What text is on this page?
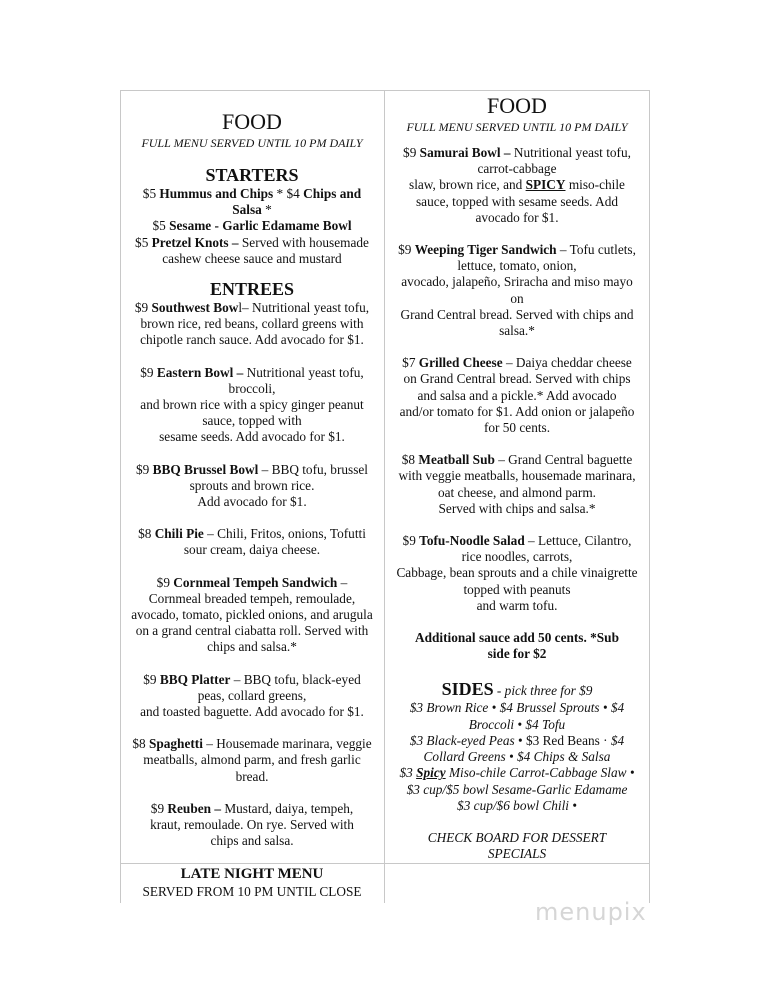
FOOD
FULL MENU SERVED UNTIL 10 PM DAILY
STARTERS
$5 Hummus and Chips * $4 Chips and
Salsa *
$5 Sesame - Garlic Edamame Bowl
$5 Pretzel Knots – Served with housemade
cashew cheese sauce and mustard
ENTREES
$9 Southwest Bowl– Nutritional yeast tofu,
brown rice, red beans, collard greens with
chipotle ranch sauce. Add avocado for $1.
$9 Eastern Bowl – Nutritional yeast tofu,
broccoli,
and brown rice with a spicy ginger peanut
sauce, topped with
sesame seeds. Add avocado for $1.
$9 BBQ Brussel Bowl – BBQ tofu, brussel
sprouts and brown rice.
Add avocado for $1.
$8 Chili Pie – Chili, Fritos, onions, Tofutti
sour cream, daiya cheese.
$9 Cornmeal Tempeh Sandwich –
Cornmeal breaded tempeh, remoulade,
avocado, tomato, pickled onions, and arugula
on a grand central ciabatta roll. Served with
chips and salsa.*
$9 BBQ Platter – BBQ tofu, black-eyed
peas, collard greens,
and toasted baguette. Add avocado for $1.
$8 Spaghetti – Housemade marinara, veggie
meatballs, almond parm, and fresh garlic
bread.
$9 Reuben – Mustard, daiya, tempeh,
kraut, remoulade. On rye. Served with
chips and salsa.
LATE NIGHT MENU
SERVED FROM 10 PM UNTIL CLOSE
FOOD
FULL MENU SERVED UNTIL 10 PM DAILY
$9 Samurai Bowl – Nutritional yeast tofu,
carrot-cabbage
slaw, brown rice, and SPICY miso-chile
sauce, topped with sesame seeds. Add
avocado for $1.
$9 Weeping Tiger Sandwich – Tofu cutlets,
lettuce, tomato, onion,
avocado, jalapeño, Sriracha and miso mayo
on
Grand Central bread. Served with chips and
salsa.*
$7 Grilled Cheese – Daiya cheddar cheese
on Grand Central bread. Served with chips
and salsa and a pickle.* Add avocado
and/or tomato for $1. Add onion or jalapeño
for 50 cents.
$8 Meatball Sub – Grand Central baguette
with veggie meatballs, housemade marinara,
oat cheese, and almond parm.
Served with chips and salsa.*
$9 Tofu-Noodle Salad – Lettuce, Cilantro,
rice noodles, carrots,
Cabbage, bean sprouts and a chile vinaigrette
topped with peanuts
and warm tofu.
Additional sauce add 50 cents. *Sub
side for $2
SIDES - pick three for $9
$3 Brown Rice • $4 Brussel Sprouts • $4
Broccoli • $4 Tofu
$3 Black-eyed Peas • $3 Red Beans · $4
Collard Greens • $4 Chips & Salsa
$3 Spicy Miso-chile Carrot-Cabbage Slaw •
$3 cup/$5 bowl Sesame-Garlic Edamame
$3 cup/$6 bowl Chili •
CHECK BOARD FOR DESSERT
SPECIALS
menupix
